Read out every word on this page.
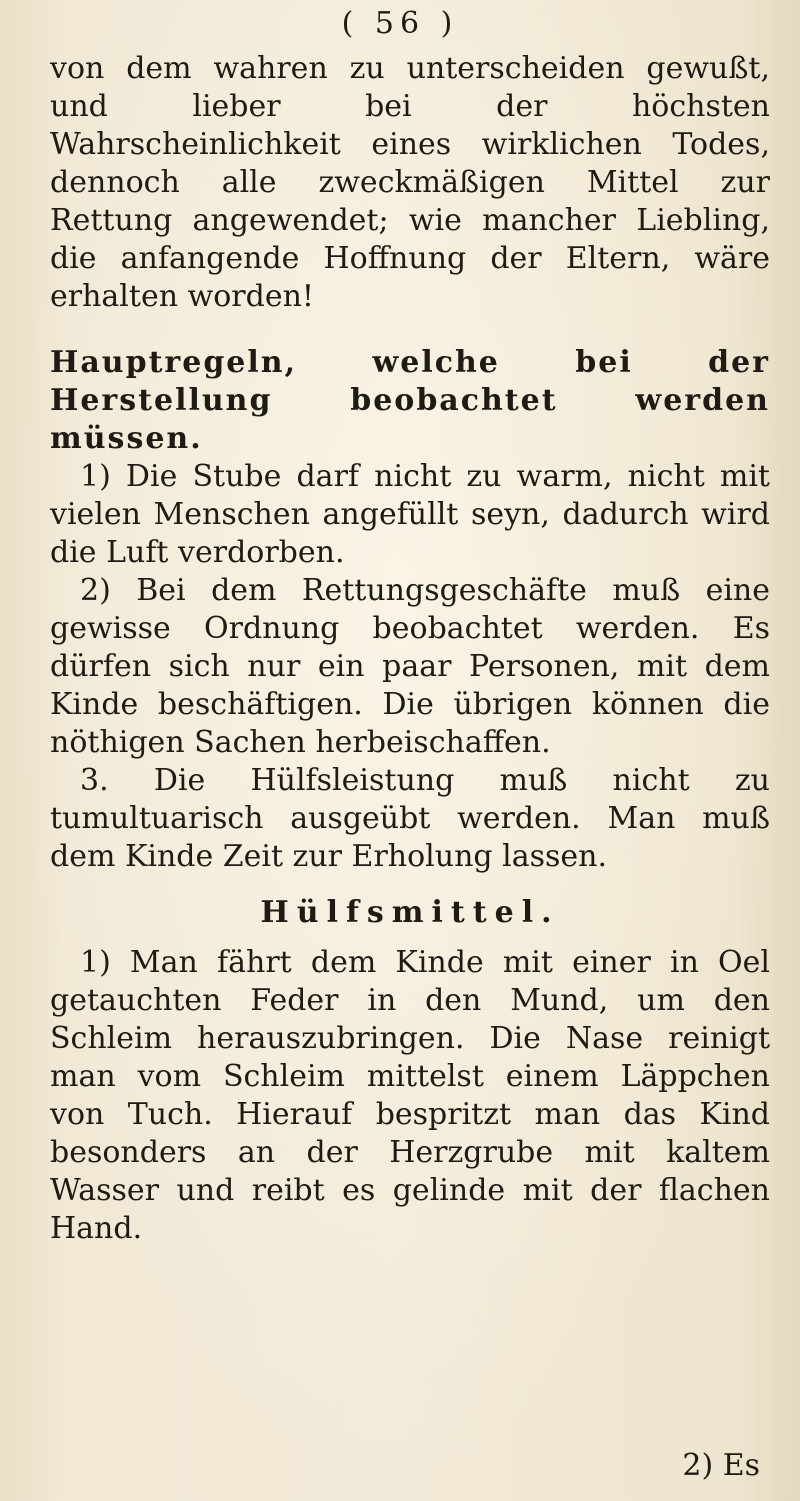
( 56 )

von dem wahren zu unterscheiden gewußt, und lieber bei der höchsten Wahrscheinlichkeit eines wirklichen Todes, dennoch alle zweckmäßigen Mittel zur Rettung angewendet; wie mancher Liebling, die anfangende Hoffnung der Eltern, wäre erhalten worden!

Hauptregeln, welche bei der Herstellung beobachtet werden müssen.

1) Die Stube darf nicht zu warm, nicht mit vielen Menschen angefüllt seyn, dadurch wird die Luft verdorben.

2) Bei dem Rettungsgeschäfte muß eine gewisse Ordnung beobachtet werden. Es dürfen sich nur ein paar Personen, mit dem Kinde beschäftigen. Die übrigen können die nöthigen Sachen herbeischaffen.

3. Die Hülfsleistung muß nicht zu tumultuarisch ausgeübt werden. Man muß dem Kinde Zeit zur Erholung lassen.

Hülfsmittel.

1) Man fährt dem Kinde mit einer in Oel getauchten Feder in den Mund, um den Schleim herauszubringen. Die Nase reinigt man vom Schleim mittelst einem Läppchen von Tuch. Hierauf bespritzt man das Kind besonders an der Herzgrube mit kaltem Wasser und reibt es gelinde mit der flachen Hand.

2) Es
